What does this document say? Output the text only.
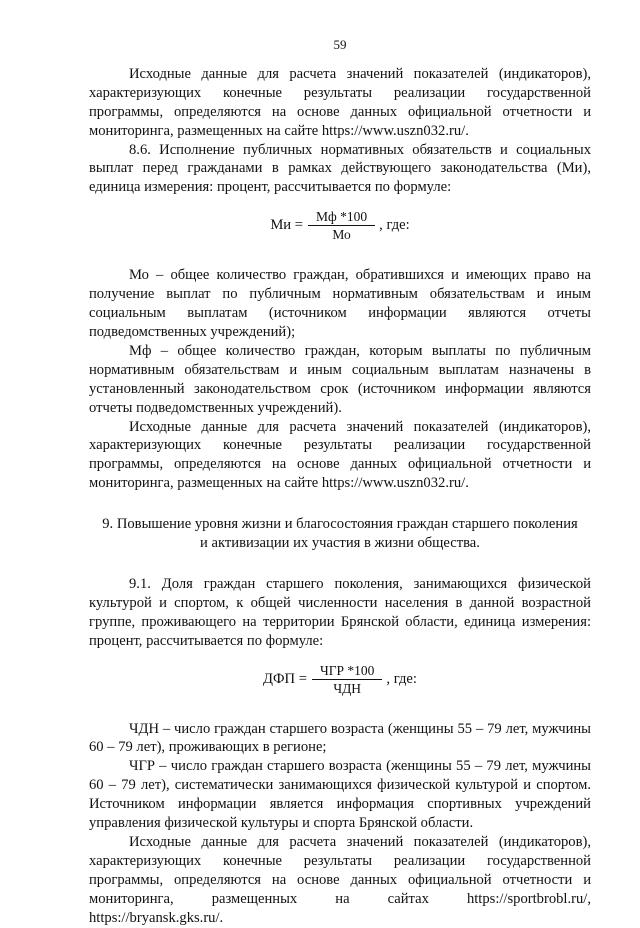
59

Исходные данные для расчета значений показателей (индикаторов), характеризующих конечные результаты реализации государственной программы, определяются на основе данных официальной отчетности и мониторинга, размещенных на сайте https://www.uszn032.ru/.

8.6. Исполнение публичных нормативных обязательств и социальных выплат перед гражданами в рамках действующего законодательства (Ми), единица измерения: процент, рассчитывается по формуле:

Ми = $\frac{Мф *100}{Мо}$ , где:

Мо – общее количество граждан, обратившихся и имеющих право на получение выплат по публичным нормативным обязательствам и иным социальным выплатам (источником информации являются отчеты подведомственных учреждений);

Мф – общее количество граждан, которым выплаты по публичным нормативным обязательствам и иным социальным выплатам назначены в установленный законодательством срок (источником информации являются отчеты подведомственных учреждений).

Исходные данные для расчета значений показателей (индикаторов), характеризующих конечные результаты реализации государственной программы, определяются на основе данных официальной отчетности и мониторинга, размещенных на сайте https://www.uszn032.ru/.

9. Повышение уровня жизни и благосостояния граждан старшего поколения
и активизации их участия в жизни общества.

9.1. Доля граждан старшего поколения, занимающихся физической культурой и спортом, к общей численности населения в данной возрастной группе, проживающего на территории Брянской области, единица измерения: процент, рассчитывается по формуле:

ДФП = $\frac{\text{ЧГР *100}}{\text{ЧДН}}$ , где:

ЧДН – число граждан старшего возраста (женщины 55 – 79 лет, мужчины 60 – 79 лет), проживающих в регионе;

ЧГР – число граждан старшего возраста (женщины 55 – 79 лет, мужчины 60 – 79 лет), систематически занимающихся физической культурой и спортом. Источником информации является информация спортивных учреждений управления физической культуры и спорта Брянской области.

Исходные данные для расчета значений показателей (индикаторов), характеризующих конечные результаты реализации государственной программы, определяются на основе данных официальной отчетности и мониторинга, размещенных на сайтах https://sportbrobl.ru/, https://bryansk.gks.ru/.
